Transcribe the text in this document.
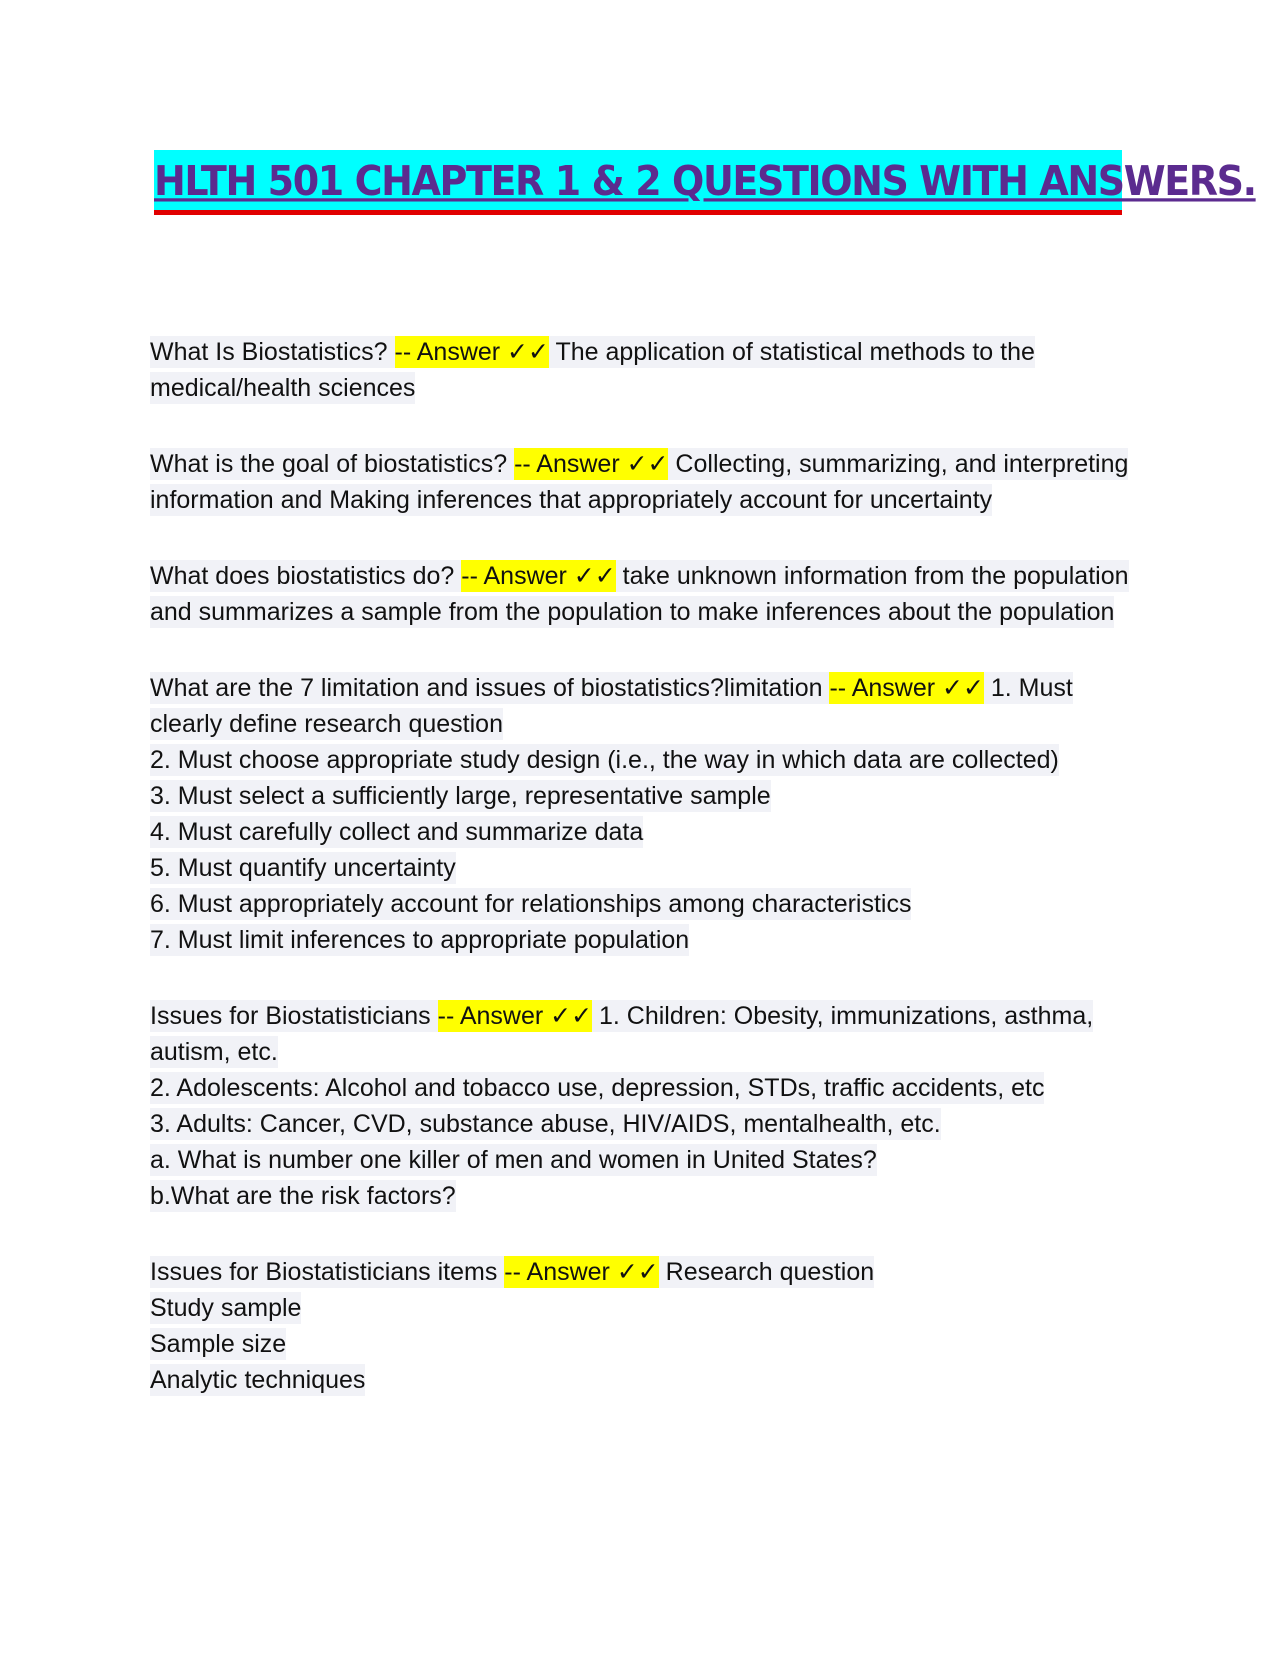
HLTH 501 CHAPTER 1 & 2 QUESTIONS WITH ANSWERS.
What Is Biostatistics? -- Answer ✓✓ The application of statistical methods to the medical/health sciences
What is the goal of biostatistics? -- Answer ✓✓ Collecting, summarizing, and interpreting information and Making inferences that appropriately account for uncertainty
What does biostatistics do? -- Answer ✓✓ take unknown information from the population and summarizes a sample from the population to make inferences about the population
What are the 7 limitation and issues of biostatistics?limitation -- Answer ✓✓ 1. Must clearly define research question
2. Must choose appropriate study design (i.e., the way in which data are collected)
3. Must select a sufficiently large, representative sample
4. Must carefully collect and summarize data
5. Must quantify uncertainty
6. Must appropriately account for relationships among characteristics
7. Must limit inferences to appropriate population
Issues for Biostatisticians -- Answer ✓✓ 1. Children: Obesity, immunizations, asthma, autism, etc.
2. Adolescents: Alcohol and tobacco use, depression, STDs, traffic accidents, etc
3. Adults: Cancer, CVD, substance abuse, HIV/AIDS, mentalhealth, etc.
a. What is number one killer of men and women in United States?
b.What are the risk factors?
Issues for Biostatisticians items -- Answer ✓✓ Research question
Study sample
Sample size
Analytic techniques
